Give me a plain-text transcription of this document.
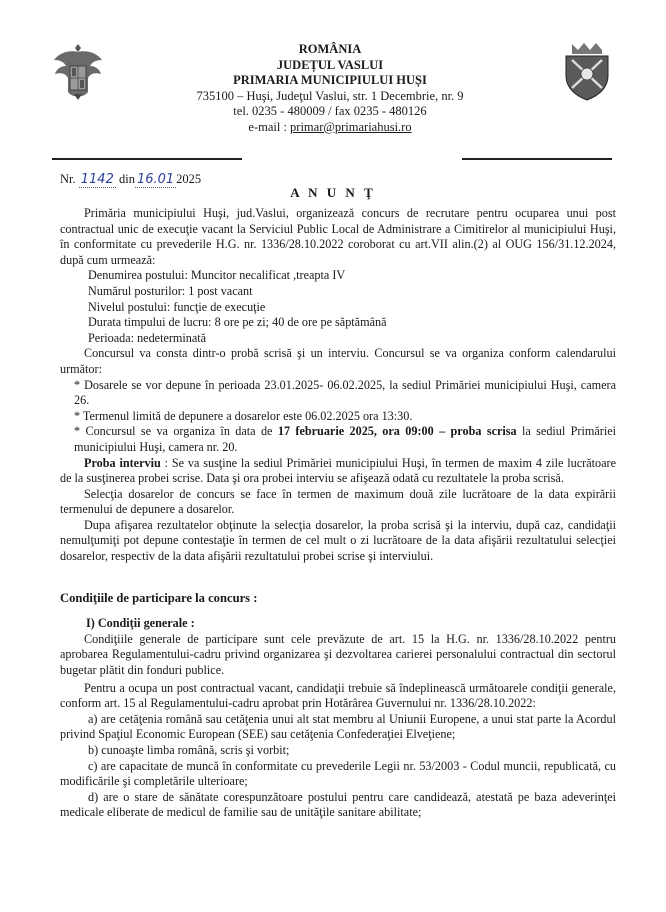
ROMÂNIA
JUDEȚUL VASLUI
PRIMARIA MUNICIPIULUI HUȘI
735100 – Huşi, Judeţul Vaslui, str. 1 Decembrie, nr. 9
tel. 0235 - 480009 / fax 0235 - 480126
e-mail : primar@primariahusi.ro
Nr. 1142 din 16.01 2025
A N U N Ţ

Primăria municipiului Huşi, jud.Vaslui, organizează concurs de recrutare pentru ocuparea unui post contractual unic de execuţie vacant la Serviciul Public Local de Administrare a Cimitirelor al municipiului Huşi, în conformitate cu prevederile H.G. nr. 1336/28.10.2022 coroborat cu art.VII alin.(2) al OUG 156/31.12.2024, după cum urmează:

Denumirea postului: Muncitor necalificat ,treapta IV

Numărul posturilor: 1 post vacant

Nivelul postului: funcţie de execuţie

Durata timpului de lucru: 8 ore pe zi; 40 de ore pe săptămână

Perioada: nedeterminată

Concursul va consta dintr-o probă scrisă şi un interviu. Concursul se va organiza conform calendarului următor:

* Dosarele se vor depune în perioada 23.01.2025- 06.02.2025, la sediul Primăriei municipiului Huşi, camera 26.

* Termenul limită de depunere a dosarelor este 06.02.2025 ora 13:30.

* Concursul se va organiza în data de 17 februarie 2025, ora 09:00 – proba scrisa la sediul Primăriei municipiului Huşi, camera nr. 20.

Proba interviu : Se va susţine la sediul Primăriei municipiului Huşi, în termen de maxim 4 zile lucrătoare de la susţinerea probei scrise. Data şi ora probei interviu se afişează odată cu rezultatele la proba scrisă.

Selecţia dosarelor de concurs se face în termen de maximum două zile lucrătoare de la data expirării termenului de depunere a dosarelor.

Dupa afişarea rezultatelor obţinute la selecţia dosarelor, la proba scrisă şi la interviu, după caz, candidaţii nemulţumiţi pot depune contestaţie în termen de cel mult o zi lucrătoare de la data afişării rezultatului selecţiei dosarelor, respectiv de la data afişării rezultatului probei scrise şi interviului.

Condiţiile de participare la concurs :

I) Condiţii generale :

Condiţiile generale de participare sunt cele prevăzute de art. 15 la H.G. nr. 1336/28.10.2022 pentru aprobarea Regulamentului-cadru privind organizarea şi dezvoltarea carierei personalului contractual din sectorul bugetar plătit din fonduri publice.

Pentru a ocupa un post contractual vacant, candidaţii trebuie să îndeplinească următoarele condiţii generale, conform art. 15 al Regulamentului-cadru aprobat prin Hotărârea Guvernului nr. 1336/28.10.2022:

a) are cetăţenia română sau cetăţenia unui alt stat membru al Uniunii Europene, a unui stat parte la Acordul privind Spaţiul Economic European (SEE) sau cetăţenia Confederaţiei Elveţiene;

b) cunoaşte limba română, scris şi vorbit;

c) are capacitate de muncă în conformitate cu prevederile Legii nr. 53/2003 - Codul muncii, republicată, cu modificările şi completările ulterioare;

d) are o stare de sănătate corespunzătoare postului pentru care candidează, atestată pe baza adeverinţei medicale eliberate de medicul de familie sau de unităţile sanitare abilitate;
